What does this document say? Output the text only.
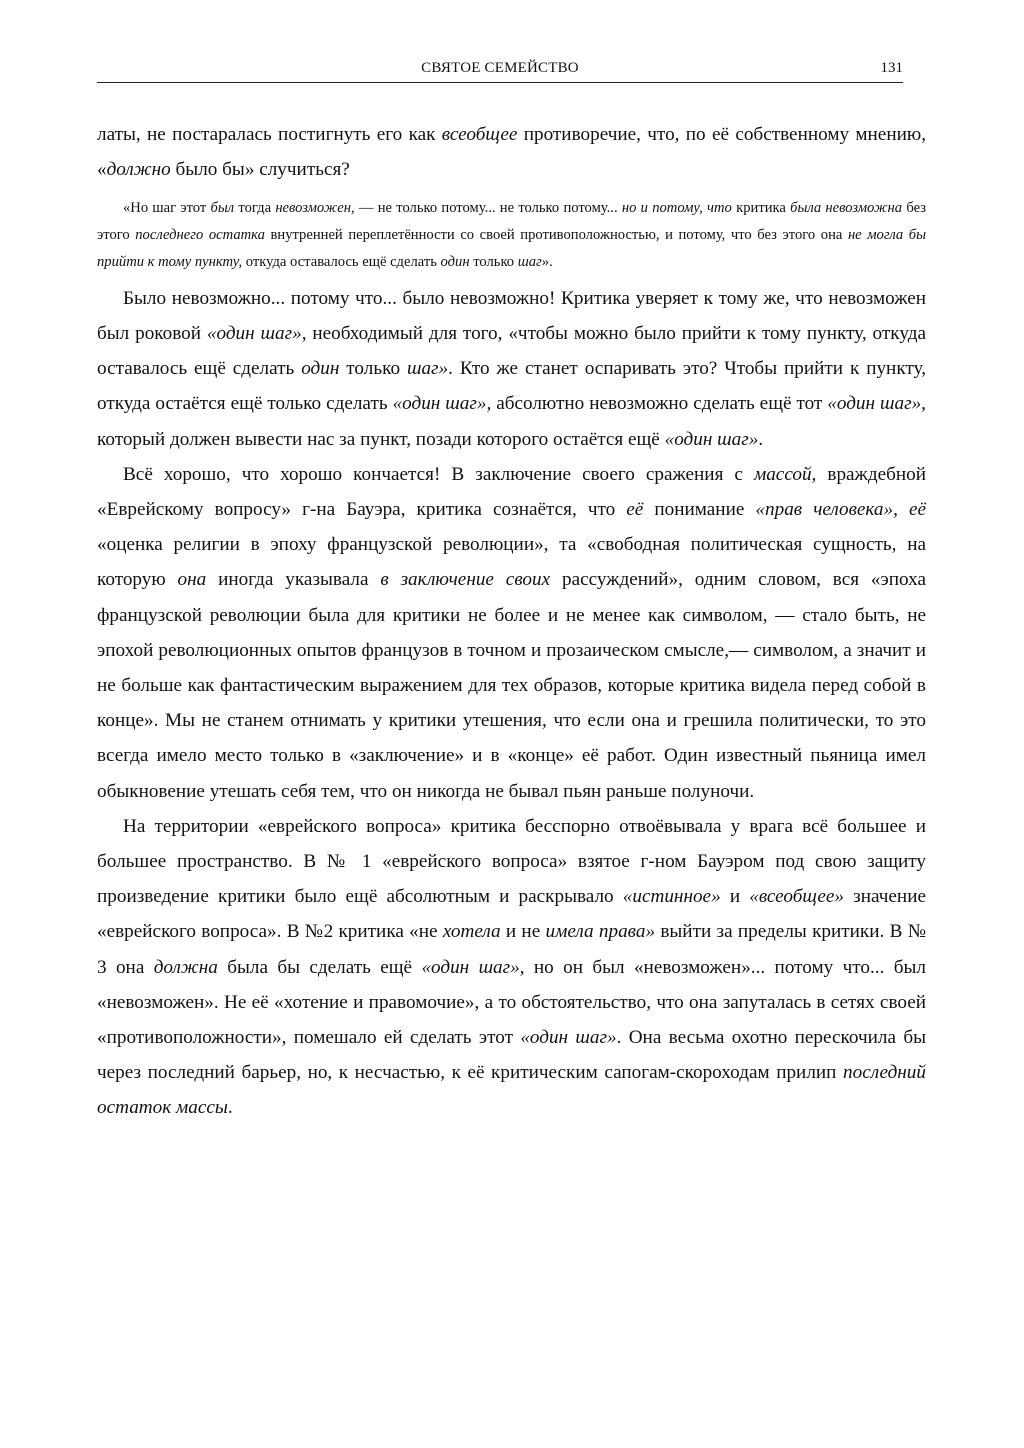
СВЯТОЕ СЕМЕЙСТВО	131

латы, не постаралась постигнуть его как всеобщее противоречие, что, по её собственному мнению, «должно было бы» случиться?

«Но шаг этот был тогда невозможен, — не только потому... не только потому... но и потому, что критика была невозможна без этого последнего остатка внутренней переплетённости со своей противоположностью, и потому, что без этого она не могла бы прийти к тому пункту, откуда оставалось ещё сделать один только шаг».

Было невозможно... потому что... было невозможно! Критика уверяет к тому же, что невозможен был роковой «один шаг», необходимый для того, «чтобы можно было прийти к тому пункту, откуда оставалось ещё сделать один только шаг». Кто же станет оспаривать это? Чтобы прийти к пункту, откуда остаётся ещё только сделать «один шаг», абсолютно невозможно сделать ещё тот «один шаг», который должен вывести нас за пункт, позади которого остаётся ещё «один шаг».

Всё хорошо, что хорошо кончается! В заключение своего сражения с массой, враждебной «Еврейскому вопросу» г-на Бауэра, критика сознаётся, что её понимание «прав человека», её «оценка религии в эпоху французской революции», та «свободная политическая сущность, на которую она иногда указывала в заключение своих рассуждений», одним словом, вся «эпоха французской революции была для критики не более и не менее как символом, — стало быть, не эпохой революционных опытов французов в точном и прозаическом смысле,— символом, а значит и не больше как фантастическим выражением для тех образов, которые критика видела перед собой в конце». Мы не станем отнимать у критики утешения, что если она и грешила политически, то это всегда имело место только в «заключение» и в «конце» её работ. Один известный пьяница имел обыкновение утешать себя тем, что он никогда не бывал пьян раньше полуночи.

На территории «еврейского вопроса» критика бесспорно отвоёвывала у врага всё большее и большее пространство. В № 1 «еврейского вопроса» взятое г-ном Бауэром под свою защиту произведение критики было ещё абсолютным и раскрывало «истинное» и «всеобщее» значение «еврейского вопроса». В №2 критика «не хотела и не имела права» выйти за пределы критики. В № 3 она должна была бы сделать ещё «один шаг», но он был «невозможен»... потому что... был «невозможен». Не её «хотение и правомочие», а то обстоятельство, что она запуталась в сетях своей «противоположности», помешало ей сделать этот «один шаг». Она весьма охотно перескочила бы через последний барьер, но, к несчастью, к её критическим сапогам-скороходам прилип последний остаток массы.
